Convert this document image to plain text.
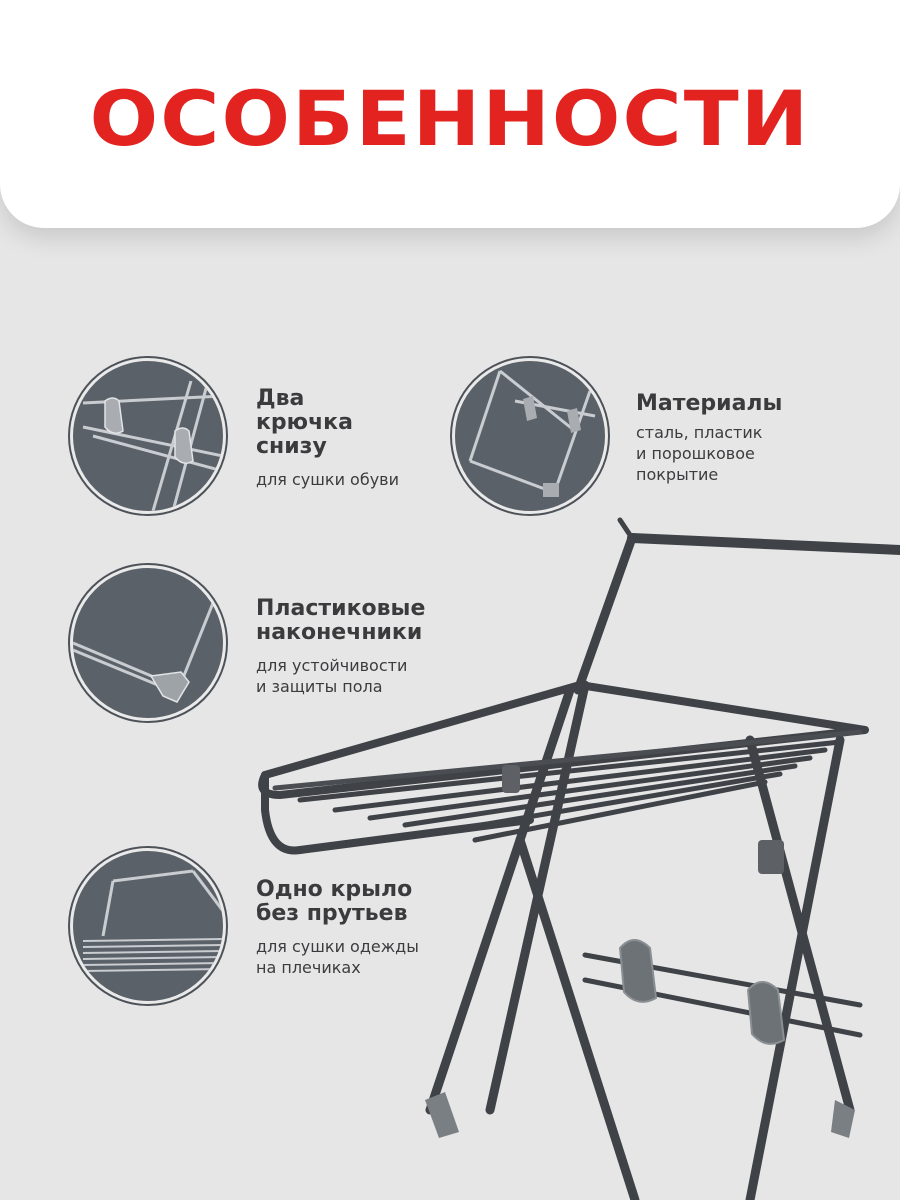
ОСОБЕННОСТИ
Два
крючка
снизу
для сушки обуви
Материалы
сталь, пластик
и порошковое
покрытие
Пластиковые
наконечники
для устойчивости
и защиты пола
Одно крыло
без прутьев
для сушки одежды
на плечиках
